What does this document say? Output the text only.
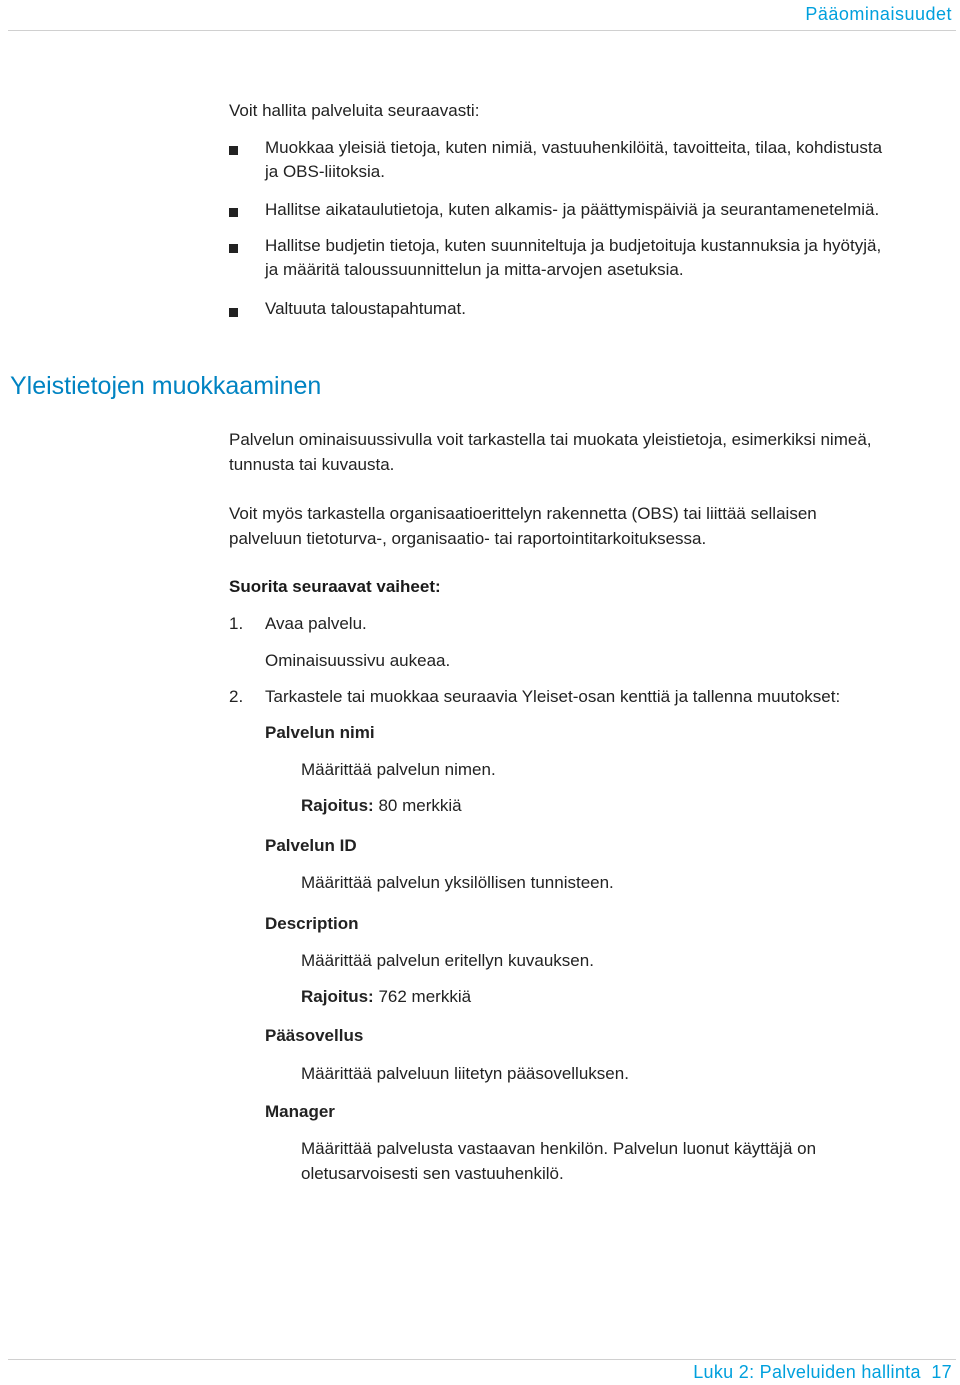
Pääominaisuudet
Voit hallita palveluita seuraavasti:
Muokkaa yleisiä tietoja, kuten nimiä, vastuuhenkilöitä, tavoitteita, tilaa, kohdistusta
ja OBS-liitoksia.
Hallitse aikataulutietoja, kuten alkamis- ja päättymispäiviä ja seurantamenetelmiä.
Hallitse budjetin tietoja, kuten suunniteltuja ja budjetoituja kustannuksia ja hyötyjä,
ja määritä taloussuunnittelun ja mitta-arvojen asetuksia.
Valtuuta taloustapahtumat.
Yleistietojen muokkaaminen
Palvelun ominaisuussivulla voit tarkastella tai muokata yleistietoja, esimerkiksi nimeä,
tunnusta tai kuvausta.
Voit myös tarkastella organisaatioerittelyn rakennetta (OBS) tai liittää sellaisen
palveluun tietoturva-, organisaatio- tai raportointitarkoituksessa.
Suorita seuraavat vaiheet:
1. Avaa palvelu.
Ominaisuussivu aukeaa.
2. Tarkastele tai muokkaa seuraavia Yleiset-osan kenttiä ja tallenna muutokset:
Palvelun nimi
Määrittää palvelun nimen.
Rajoitus: 80 merkkiä
Palvelun ID
Määrittää palvelun yksilöllisen tunnisteen.
Description
Määrittää palvelun eritellyn kuvauksen.
Rajoitus: 762 merkkiä
Pääsovellus
Määrittää palveluun liitetyn pääsovelluksen.
Manager
Määrittää palvelusta vastaavan henkilön. Palvelun luonut käyttäjä on
oletusarvoisesti sen vastuuhenkilö.
Luku 2: Palveluiden hallinta  17
